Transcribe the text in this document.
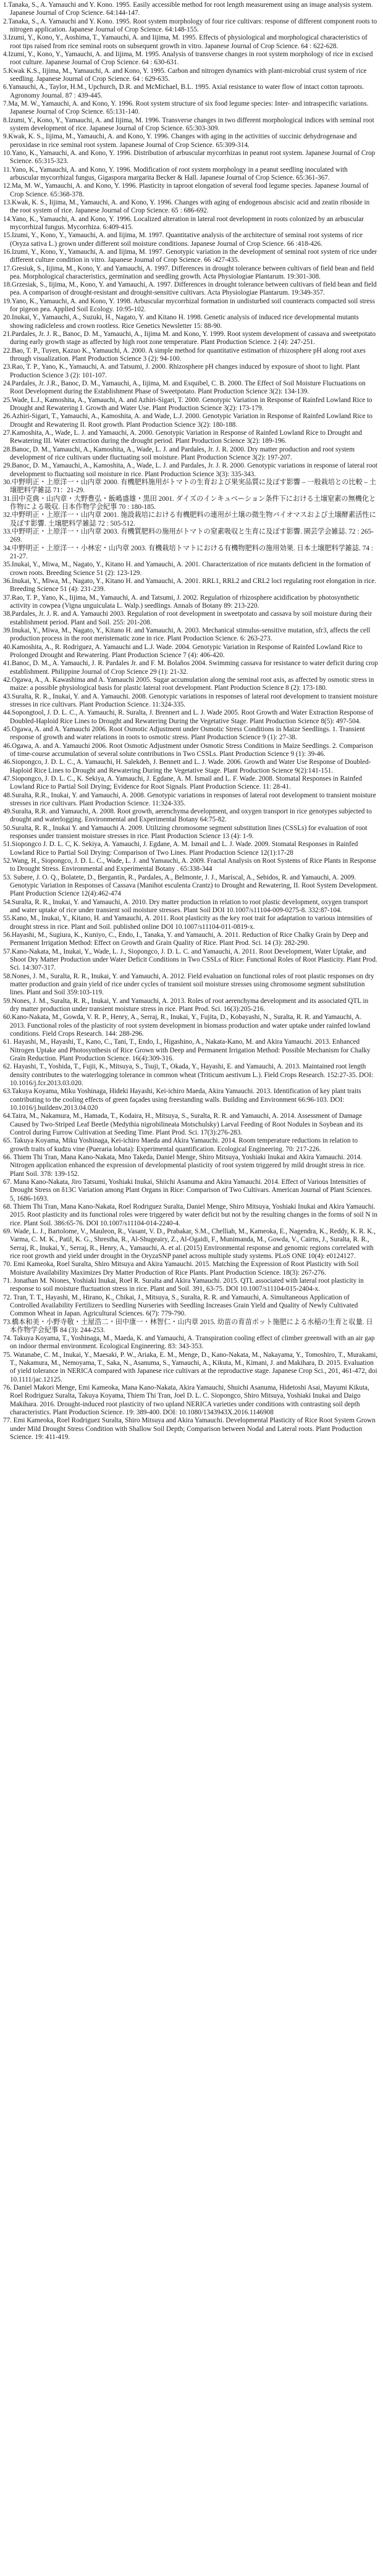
1.Tanaka, S., A. Yamauchi and Y. Kono. 1995. Easily accessible method for root length measurement using an image analysis system. Japanese Journal of Crop Science. 64:144-147.
2.Tanaka, S., A. Yamauchi and Y. Kono. 1995. Root system morphology of four rice cultivars: response of different component roots to nitrogen application. Japanese Journal of Crop Science. 64:148-155.
3.Izumi, Y., Kono, Y., Aoshima, T., Yamauchi, A. and Iijima, M. 1995. Effects of physiological and morphological characteristics of root tips raised from rice seminal roots on subsequent growth in vitro. Japanese Journal of Crop Science. 64 : 622-628.
4.Izumi, Y., Kono, Y., Yamauchi, A. and Iijima, M. 1995. Analysis of transverse changes in root system morphology of rice in excised root culture. Japanese Journal of Crop Science. 64 : 630-631.
5.Kwak K.S., Iijima, M., Yamauchi, A. and Kono, Y. 1995. Carbon and nitrogen dynamics with plant-microbial crust system of rice seedling. Japanese Journal of Crop Science. 64 : 629-635.
6.Yamauchi, A., Taylor, H.M., Upchurch, D.R. and McMichael, B.L. 1995. Axial resistance to water flow of intact cotton taproots. Agronomy Journal. 87 : 439-445.
7.Ma, M. W., Yamauchi, A. and Kono, Y. 1996. Root system structure of six food legume species: Inter- and intraspecific variations. Japanese Journal of Crop Science. 65:131-140.
8.Izumi, Y., Kono, Y., Yamauchi, A. and Iijima, M. 1996. Transverse changes in two different morphological indices with seminal root system development of rice. Japanese Journal of Crop Science. 65:303-309.
9.Kwak, K. S., Iijima, M., Yamauchi, A. and Kono, Y. 1996. Changes with aging in the activities of succinic dehydrogenase and peroxidase in rice seminal root system. Japanese Journal of Crop Science. 65:309-314.
10.Yano, K., Yamauchi, A. and Kono, Y. 1996. Distribution of arbuscular mycorrhizas in peanut root system. Japanese Journal of Crop Science. 65:315-323.
11.Yano, K., Yamauchi, A. and Kono, Y. 1996. Modification of root system morphology in a peanut seedling inoculated with arbuscular mycorrhizal fungus, Gigaspora margarita Becker & Hall. Japanese Journal of Crop Science. 65:361-367.
12.Ma, M. W., Yamauchi, A. and Kono, Y. 1996. Plasticity in taproot elongation of several food legume species. Japanese Journal of Crop Science. 65:368-378.
13.Kwak, K. S., Iijima, M., Yamauchi, A. and Kono, Y. 1996. Changes with aging of endogenous abscisic acid and zeatin riboside in the root system of rice. Japanese Journal of Crop Science. 65 : 686-692.
14.Yano, K., Yamauchi, A. and Kono, Y. 1996. Localized alteration in lateral root development in roots colonized by an arbuscular mycorrhizal fungus. Mycorrhiza. 6:409-415.
15.Izumi, Y., Kono, Y., Yamauchi, A. and Iijima, M. 1997. Quantitative analysis of the architecture of seminal root systems of rice (Oryza sativa L.) grown under different soil moisture conditions. Japanese Journal of Crop Science. 66 :418-426.
16.Izumi, Y., Kono, Y., Yamauchi, A. and Iijima, M. 1997. Genotypic variation in the development of seminal root system of rice under different culture condition in vitro. Japanese Journal of Crop Science. 66 :427-435.
17.Gresiuk, S., Iijima, M., Kono, Y. and Yamauchi, A. 1997. Differences in drought tolerance between cultivars of field bean and field pea. Morphological characteristics, germination and seedling growth. Acta Physiologiae Plantarum. 19:301-308.
18.Grzesiak, S., Iijima, M., Kono, Y. and Yamauchi, A. 1997. Differences in drought tolerance between cultivars of field bean and field pea. A comparison of drought-resistant and drought-sensitive cultivars. Acta Physiologiae Plantarum. 19:349-357.
19.Yano, K., Yamauchi, A. and Kono, Y. 1998. Arbuscular mycorrhizal formation in undisturbed soil counteracts compacted soil stress for pigeon pea. Applied Soil Ecology. 10:95-102.
20.Inukai, Y., Yamauchi, A., Suzuki, H., Nagato, Y. and Kitano H. 1998. Genetic analysis of induced rice developmental mutants showing radicleless and crown rootless. Rice Genetics Newsletter 15: 88-90.
21.Pardales, Jr. J. R., Banoc, D. M., Yamauchi, A., Iijima M. and Kono, Y. 1999. Root system development of cassava and sweetpotato during early growth stage as affected by high root zone temperature. Plant Production Science. 2 (4): 247-251.
22.Bao, T. P., Tuyen, Kazuo K., Yamauchi, A. 2000. A simple method for quantitative estimation of rhizosphere pH along root axes through visualization. Plant Production Science 3 (2): 94-100.
23.Rao, T. P., Yano, K., Yamauchi, A. and Tatsumi, J. 2000. Rhizosphere pH changes induced by exposure of shoot to light. Plant Production Science 3 (2): 101-107.
24.Pardales, Jr. J.R., Banoc, D. M., Yamauchi, A., Iijima, M. and Esquibel, C. B. 2000. The Effect of Soil Moisture Fluctuations on Root Development during the Establishment Phase of Sweetpotato. Plant Production Science 3(2): 134-139.
25.Wade, L.J., Kamoshita, A., Yamauchi, A. and Azhiri-Sigari, T. 2000. Genotypic Variation in Response of Rainfed Lowland Rice to Drought and Rewatering I. Growth and Water Use. Plant Production Science 3(2): 173-179.
26.Azhiri-Sigari, T., Yamauchi, A., Kamoshita, A. and Wade, L.J. 2000. Genotypic Variation in Response of Rainfed Lowland Rice to Drought and Rewatering II. Root growth. Plant Production Science 3(2): 180-188.
27.Kamoshita, A., Wade, L. J. and Yamauchi, A. 2000. Genotypic Variation in Response of Rainfed Lowland Rice to Drought and Rewatering III. Water extraction during the drought period. Plant Production Science 3(2): 189-196.
28.Banoc, D. M., Yamauchi, A., Kamoshita, A., Wade, L. J. and Pardales, Jr. J. R. 2000. Dry matter production and root system development of rice cultivars under fluctuating soil moisture. Plant Production Science 3(2): 197-207.
29.Banoc, D. M., Yamauchi, A., Kamoshita, A., Wade, L. J. and Pardales, Jr. J. R. 2000. Genotypic variations in response of lateral root development to fluctuating soil moisture in rice. Plant Production Science 3(3): 335-343.
30.中野明正・上原洋一・山内章 2000. 有機肥料施用がトマトの生育および果実品質に及ぼす影響 ‒ 一般栽培との比較 ‒ 土壌肥料学雑誌 71：21-29.
31.田中克典・山内章・大野豊弘・飯嶋盛雄・黒田 2001. ダイズのインキュベーション条件下における土壌窒素の無機化と作物による吸収. 日本作物学会紀事 70 : 180-185.
32.中野明正・上原洋一・山内章 2001. 施設栽培における有機肥料の連用が土壌の微生物バイオマスおよび土壌酵素活性に及ぼす影響. 土壌肥料学雑誌 72 : 505-512.
33.中野明正・上原洋一・山内章 2003. 有機質肥料の施用がトマトの窒素吸収と生育に及ぼす影響. 園芸学会雑誌. 72 : 265-269.
34.中野明正・上原洋一・小林宏・山内章 2003. 有機栽培トマトにおける有機物肥料の施用効果. 日本土壌肥料学雑誌. 74 : 21-27.
35.Inukai, Y., Miwa, M., Nagato, Y., Kitano H. and Yamauchi, A. 2001. Characterization of rice mutants deficient in the formation of crown roots. Breeding Science 51 (2): 123-129.
36.Inukai, Y., Miwa, M., Nagato, Y., Kitano H. and Yamauchi, A. 2001. RRL1, RRL2 and CRL2 loci regulating root elongation in rice. Breeding Science 51 (4): 231-239.
37.Rao, T. P., Yano, K., Iijima, M., Yamauchi, A. and Tatsumi, J. 2002. Regulation of rhizosphere acidification by photosynthetic activity in cowpea (Vigna unguiculata L. Walp.) seedlings. Annals of Botany 89: 213-220.
38.Pardales, Jr. J. R. and A. Yamauchi 2003. Regulation of root development in sweetpotato and cassava by soil moisture during their establishment period. Plant and Soil. 255: 201-208.
39.Inukai, Y., Miwa, M., Nagato, Y., Kitano H. and Yamauchi, A. 2003. Mechanical stimulus-sensitive mutation, sfr3, affects the cell production process in the root meristematic zone in rice. Plant Production Science. 6: 263-273.
40.Kamoshita, A., R. Rodriguez, A. Yamauchi and L.J. Wade. 2004. Genotypic Variation in Response of Rainfed Lowland Rice to Prolonged Drought and Rewatering. Plant Production Science 7 (4): 406-420.
41.Banoc, D. M., A. Yamauchi, J. R. Pardales Jr. and F. M. Bolaños 2004. Swimming cassava for resistance to water deficit during crop establishment. Philippine Journal of Crop Science 29 (1): 21-32.
42.Ogawa, A., A. Kawashima and A. Yamauchi 2005. Sugar accumulation along the seminal root axis, as affected by osmotic stress in maize: a possible physiological basis for plastic lateral root development. Plant Production Science 8 (2): 173-180.
43.Suralta, R. R., Inukai, Y. and A. Yamauchi. 2008. Genotypic variations in responses of lateral root development to transient moisture stresses in rice cultivars. Plant Production Science. 11:324-335.
44.Sopongtool, J. D. L. C., A. Yamauchi, R. Suralta, J. Brennert and L. J. Wade 2005. Root Growth and Water Extraction Response of Doubled-Haploid Rice Lines to Drought and Rewatering During the Vegetative Stage. Plant Production Science 8(5): 497-504.
45.Ogawa, A. and A. Yamauchi 2006. Root Osmotic Adjustment under Osmotic Stress Conditions in Maize Seedlings. 1. Transient response of growth and water relations in roots to osmotic stress. Plant Production Science 9 (1): 27-38.
46.Ogawa, A. and A. Yamauchi 2006. Root Osmotic Adjustment under Osmotic Stress Conditions in Maize Seedlings. 2. Comparison of time-course accumulation of several solute contributions in Two CSSLs. Plant Production Science 9 (1): 39-46.
46.Siopongco, J. D. L. C., A. Yamauchi, H. Salekdeh, J. Bennett and L. J. Wade. 2006. Growth and Water Use Response of Doubled-Haploid Rice Lines to Drought and Rewatering During the Vegetative Stage. Plant Production Science 9(2):141-151.
47.Siopongco, J. D. L. C., K. Sekiya, A. Yamauchi, J. Egdane, A. M. Ismail and L. F. Wade. 2008. Stomatal Responses in Rainfed Lowland Rice to Partial Soil Drying; Evidence for Root Signals. Plant Production Science. 11: 28-41.
48.Suralta, R.R., Inukai, Y. and Yamauchi, A. 2008. Genotypic variations in responses of lateral root development to transient moisture stresses in rice cultivars. Plant Production Science. 11:324-335.
49.Suralta, R.R. and Yamauchi, A. 2008. Root growth, aerenchyma development, and oxygen transport in rice genotypes subjected to drought and waterlogging. Environmental and Experimental Botany 64:75-82.
50.Suralta, R. R., Inukai Y. and Yamauchi A. 2009. Utilizing chromosome segment substitution lines (CSSLs) for evaluation of root responses under transient moisture stresses in rice. Plant Production Science 13 (4): 1-9.
51.Siopongco J. D. L. C, K. Sekiya, A. Yamauchi, J. Egdane, A. M. Ismail and L. J. Wade. 2009. Stomatal Responses in Rainfed Lowland Rice to Partial Soil Drying: Comparison of Two Lines. Plant Production Science 12(1):17-28
52.Wang, H., Siopongco, J. D. L. C., Wade, L. J. and Yamauchi, A. 2009. Fractal Analysis on Root Systems of Rice Plants in Response to Drought Stress. Environmental and Experimental Botany . 65:338-344
53. Subere, J. O. Q., Bolatete, D., Bergantin, R., Pardales, A., Belmonte, J. J., Mariscal, A., Sebidos, R. and Yamauchi, A. 2009. Genotypic Variation in Responses of Cassava (Manihot esculenta Crantz) to Drought and Rewatering, II. Root System Development. Plant Production Science 12(4):462-474
54.Suralta, R. R., Inukai, Y. and Yamauchi, A. 2010. Dry matter production in relation to root plastic development, oxygen transport and water uptake of rice under transient soil moisture stresses. Plant Soil DOI 10.1007/s11104-009-0275-8. 332:87-104.
55.Kano, M., Inukai, Y., Kitano, H. and Yamauchi, A. 2011. Root plasticity as the key root trait for adaptation to various intensities of drought stress in rice. Plant and Soil. published online DOI 10.1007/s11104-011-0819-x.
56.Hayashi, M., Sugiura, K., Kuniyo, C., Endo, I., Tanaka, Y. and Yamauchi, A. 2011. Reduction of Rice Chalky Grain by Deep and Permanent Irrigation Method: Effect on Growth and Grain Quality of Rice. Plant Prod. Sci. 14 (3): 282-290.
57.Kano-Nakata, M., Inukai, Y., Wade, L. J., Siopongco, J. D. L. C. and Yamauchi, A. 2011. Root Development, Water Uptake, and Shoot Dry Matter Production under Water Deficit Conditions in Two CSSLs of Rice: Functional Roles of Root Plasticity. Plant Prod. Sci. 14:307-317.
58.Nones, J. M., Suralta, R. R., Inukai, Y. and Yamauchi, A. 2012. Field evaluation on functional roles of root plastic responses on dry matter production and grain yield of rice under cycles of transient soil moisture stresses using chromosome segment substitution lines. Plant and Soil 359:103-119.
59.Nones, J. M., Suralta, R. R., Inukai, Y. and Yamauchi, A. 2013. Roles of root aerenchyma development and its associated QTL in dry matter production under transient moisture stress in rice. Plant Prod. Sci. 16(3):205-216.
60.Kano-Nakata, M., Gowda, V. R. P., Henry, A., Serraj, R., Inukai, Y., Fujita, D., Kobayashi, N., Suralta, R. R. and Yamauchi, A. 2013. Functional roles of the plasticity of root system development in biomass production and water uptake under rainfed lowland conditions. Field Crops Research. 144: 288-296.
61. Hayashi, M., Hayashi, T., Kano, C., Tani, T., Endo, I., Higashino, A., Nakata-Kano, M. and Akira Yamauchi. 2013. Enhanced Nitrogen Uptake and Photosynthesis of Rice Grown with Deep and Permanent Irrigation Method: Possible Mechanism for Chalky Grain Reduction. Plant Production Science. 16(4):309-316.
62. Hayashi, T., Yoshida, T., Fujii, K., Mitsuya, S., Tsuji, T., Okada, Y., Hayashi, E. and Yamauchi, A. 2013. Maintained root length density contributes to the waterlogging tolerance in common wheat (Triticum aestivum L.). Field Crops Research. 152:27-35. DOI: 10.1016/j.fcr.2013.03.020.
63.Takuya Koyama, Miku Yoshinaga, Hideki Hayashi, Kei-ichiro Maeda, Akira Yamauchi. 2013. Identification of key plant traits contributing to the cooling effects of green façades using freestanding walls. Building and Environment 66:96-103. DOI: 10.1016/j.buildenv.2013.04.020
64.Taira, M., Nakamura, M., Hamada, T., Kodaira, H., Mitsuya, S., Suralta, R. R. and Yamauchi, A. 2014. Assessment of Damage Caused by Two-Striped Leaf Beetle (Medythia nigrobilineata Motschulsky) Larval Feeding of Root Nodules in Soybean and its Control during Furrow Cultivation at Seeding Time. Plant Prod. Sci. 17(3):276-283.
65. Takuya Koyama, Miku Yoshinaga, Kei-ichiro Maeda and Akira Yamauchi. 2014. Room temperature reductions in relation to growth traits of kudzu vine (Pueraria lobata): Experimental quantification. Ecological Engineering. 70: 217-226.
66. Thiem Thi Tran, Mana Kano-Nakata, Mno Takeda, Daniel Menge, Shiro Mitsuya, Yoshiaki Inukai and Akira Yamauchi. 2014. Nitrogen application enhanced the expression of developmental plasticity of root system triggered by mild drought stress in rice. Plant Soil. 378: 139-152.
67. Mana Kano-Nakata, Jiro Tatsumi, Yoshiaki Inukai, Shiichi Asanuma and Akira Yamauchi. 2014. Effect of Various Intensities of Drought Stress on δ13C Variation among Plant Organs in Rice: Comparison of Two Cultivars. American Journal of Plant Sciences. 5, 1686-1693.
68. Thiem Thi Tran, Mana Kano-Nakata, Roel Rodriguez Suralta, Daniel Menge, Shiro Mitsuya, Yoshiaki Inukai and Akira Yamauchi. 2015. Root plasticity and its functional roles were triggered by water deficit but not by the resulting changes in the forms of soil N in rice. Plant Soil. 386:65-76. DOI 10.1007/s11104-014-2240-4.
69. Wade, L. J., Bartolome, V., Mauleon, R., Vasant, V. D., Prabakar, S.M., Chelliah, M., Kameoka, E., Nagendra, K., Reddy, K. R. K., Varma, C. M. K., Patil, K. G., Shrestha, R., Al-Shugeairy, Z., Al-Ogaidi, F., Munimanda, M., Gowda, V., Cairns, J., Suralta, R. R., Serraj, R., Inukai, Y., Serraj, R., Henry, A., Yamauchi, A. et al. (2015) Environmental response and genomic regions correlated with rice root growth and yield under drought in the OryzaSNP panel across multiple study systems. PLoS ONE 10(4): e0124127.
70. Emi Kameoka, Roel Suralta, Shiro Mitsuya and Akira Yamauchi. 2015. Matching the Expression of Root Plasticity with Soil Moisture Availability Maximizes Dry Matter Production of Rice Plants. Plant Production Science. 18(3): 267-276.
71. Jonathan M. Niones, Yoshiaki Inukai, Roel R. Suralta and Akira Yamauchi. 2015. QTL associated with lateral root plasticity in response to soil moisture fluctuation stress in rice. Plant and Soil. 391, 63-75. DOI 10.1007/s11104-015-2404-x.
72. Tran, T. T., Hayashi, M., Hirano, K., Chikai, J., Mitsuya, S., Suralta, R. R. and Yamauchi, A. Simultaneous Application of Controlled Availability Fertilizers to Seedling Nurseries with Seedling Increases Grain Yield and Quality of Newly Cultivated Common Wheat in Japan. Agricultural Sciences. 6(7): 779-790.
73.橋本和美・小野寺敬・土屋浩二・田中康一・林智仁・山内章 2015. 幼苗の育苗ポット施肥による水稲の生育と収量. 日本作物学会紀事 84 (3): 244-253.
74. Takuya Koyama, T., Yoshinaga, M., Maeda, K. and Yamauchi, A. Transpiration cooling effect of climber greenwall with an air gap on indoor thermal environment. Ecological Engineering. 83: 343-353.
75. Watanabe, C. M., Inukai, Y., Maesaki, P. W., Ariaka, E. M., Menge, D., Kano-Nakata, M., Nakayama, Y., Tomoshiro, T., Murakami, T., Nakamura, M., Nemoyama, T., Saka, N., Asanuma, S., Yamauchi, A., Kikuta, M., Kimani, J. and Makihara, D. 2015. Evaluation of yield tolerance in NERICA compared with Japanese rice cultivars at the reproductive stage. Japanese Crop Sci., 201, 461-472, doi 10.1111/jac.12125.
76. Daniel Makori Menge, Emi Kameoka, Mana Kano-Nakata, Akira Yamauchi, Shuichi Asanuma, Hidetoshi Asai, Mayumi Kikuta, Roel Rodriguez Suralta, Takuya Koyama, Thiem Thi Tran, Joel D. L. C. Siopongco, Shiro Mitsuya, Yoshiaki Inukai and Daigo Makihara. 2016. Drought-induced root plasticity of two upland NERICA varieties under conditions with contrasting soil depth characteristics. Plant Production Science. 19: 389-400. DOI: 10.1080/1343943X.2016.1146908
77. Emi Kameoka, Roel Rodriguez Suralta, Shiro Mitsuya and Akira Yamauchi. Developmental Plasticity of Rice Root System Grown under Mild Drought Stress Condition with Shallow Soil Depth; Comparison between Nodal and Lateral roots. Plant Production Science. 19: 411-419.
